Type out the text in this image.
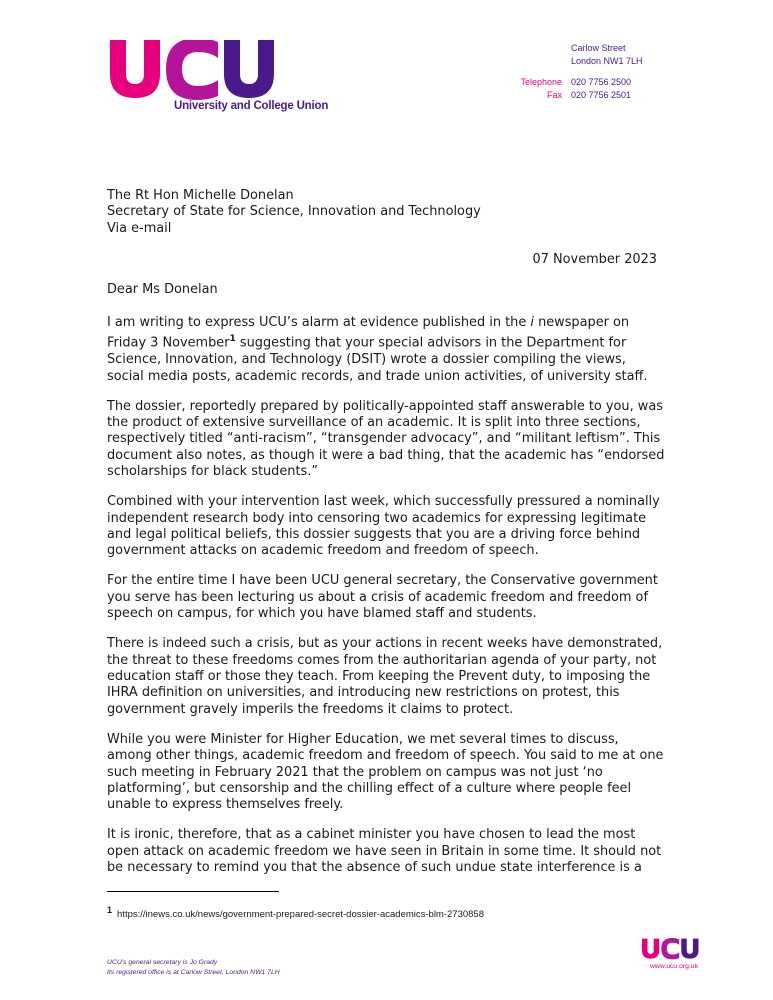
University and College Union
Carlow Street
London NW1 7LH
Telephone	020 7756 2500
Fax	020 7756 2501
The Rt Hon Michelle Donelan
Secretary of State for Science, Innovation and Technology
Via e-mail
07 November 2023
Dear Ms Donelan

I am writing to express UCU’s alarm at evidence published in the i newspaper on Friday 3 November$^1$ suggesting that your special advisors in the Department for Science, Innovation, and Technology (DSIT) wrote a dossier compiling the views, social media posts, academic records, and trade union activities, of university staff.

The dossier, reportedly prepared by politically-appointed staff answerable to you, was the product of extensive surveillance of an academic. It is split into three sections, respectively titled “anti-racism”, “transgender advocacy”, and “militant leftism”. This document also notes, as though it were a bad thing, that the academic has “endorsed scholarships for black students.”

Combined with your intervention last week, which successfully pressured a nominally independent research body into censoring two academics for expressing legitimate and legal political beliefs, this dossier suggests that you are a driving force behind government attacks on academic freedom and freedom of speech.

For the entire time I have been UCU general secretary, the Conservative government you serve has been lecturing us about a crisis of academic freedom and freedom of speech on campus, for which you have blamed staff and students.

There is indeed such a crisis, but as your actions in recent weeks have demonstrated, the threat to these freedoms comes from the authoritarian agenda of your party, not education staff or those they teach. From keeping the Prevent duty, to imposing the IHRA definition on universities, and introducing new restrictions on protest, this government gravely imperils the freedoms it claims to protect.

While you were Minister for Higher Education, we met several times to discuss, among other things, academic freedom and freedom of speech. You said to me at one such meeting in February 2021 that the problem on campus was not just ‘no platforming’, but censorship and the chilling effect of a culture where people feel unable to express themselves freely.

It is ironic, therefore, that as a cabinet minister you have chosen to lead the most open attack on academic freedom we have seen in Britain in some time. It should not be necessary to remind you that the absence of such undue state interference is a

$^1$ https://inews.co.uk/news/government-prepared-secret-dossier-academics-blm-2730858
UCU’s general secretary is Jo Grady
Its registered office is at Carlow Street, London NW1 7LH
www.ucu.org.uk
